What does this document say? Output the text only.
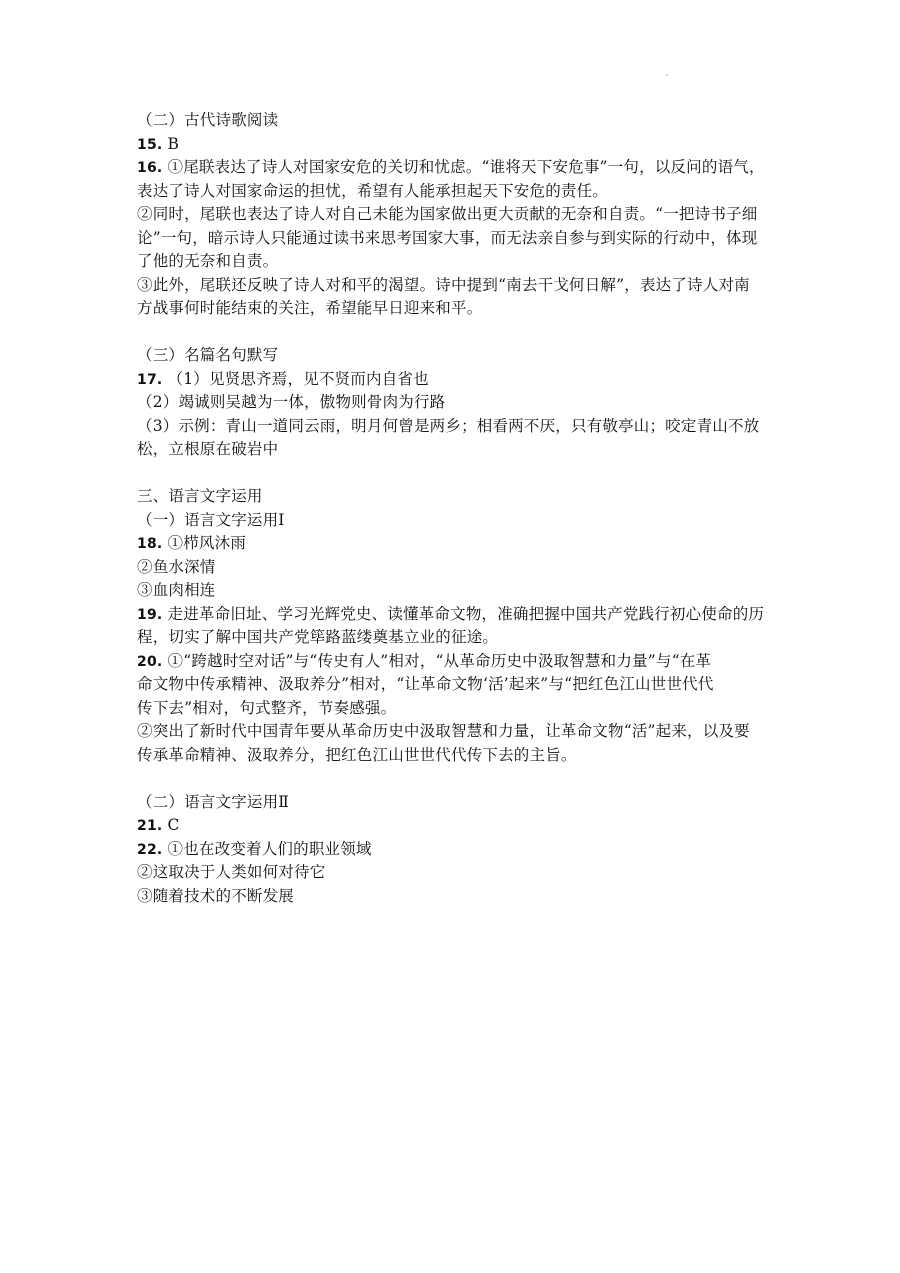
（二）古代诗歌阅读
15. B
16. ①尾联表达了诗人对国家安危的关切和忧虑。“谁将天下安危事”一句，以反问的语气，
表达了诗人对国家命运的担忧，希望有人能承担起天下安危的责任。
②同时，尾联也表达了诗人对自己未能为国家做出更大贡献的无奈和自责。“一把诗书子细
论”一句，暗示诗人只能通过读书来思考国家大事，而无法亲自参与到实际的行动中，体现
了他的无奈和自责。
③此外，尾联还反映了诗人对和平的渴望。诗中提到“南去干戈何日解”，表达了诗人对南
方战事何时能结束的关注，希望能早日迎来和平。
（三）名篇名句默写
17. （1）见贤思齐焉，见不贤而内自省也
（2）竭诚则吴越为一体，傲物则骨肉为行路
（3）示例：青山一道同云雨，明月何曾是两乡；相看两不厌，只有敬亭山；咬定青山不放
松，立根原在破岩中
三、语言文字运用
（一）语言文字运用Ⅰ
18. ①栉风沐雨
②鱼水深情
③血肉相连
19. 走进革命旧址、学习光辉党史、读懂革命文物，准确把握中国共产党践行初心使命的历
程，切实了解中国共产党筚路蓝缕奠基立业的征途。
20. ①“跨越时空对话”与“传史有人”相对，“从革命历史中汲取智慧和力量”与“在革
命文物中传承精神、汲取养分”相对，“让革命文物‘活’起来”与“把红色江山世世代代
传下去”相对，句式整齐，节奏感强。
②突出了新时代中国青年要从革命历史中汲取智慧和力量，让革命文物“活”起来，以及要
传承革命精神、汲取养分，把红色江山世世代代传下去的主旨。
（二）语言文字运用Ⅱ
21. C
22. ①也在改变着人们的职业领域
②这取决于人类如何对待它
③随着技术的不断发展
